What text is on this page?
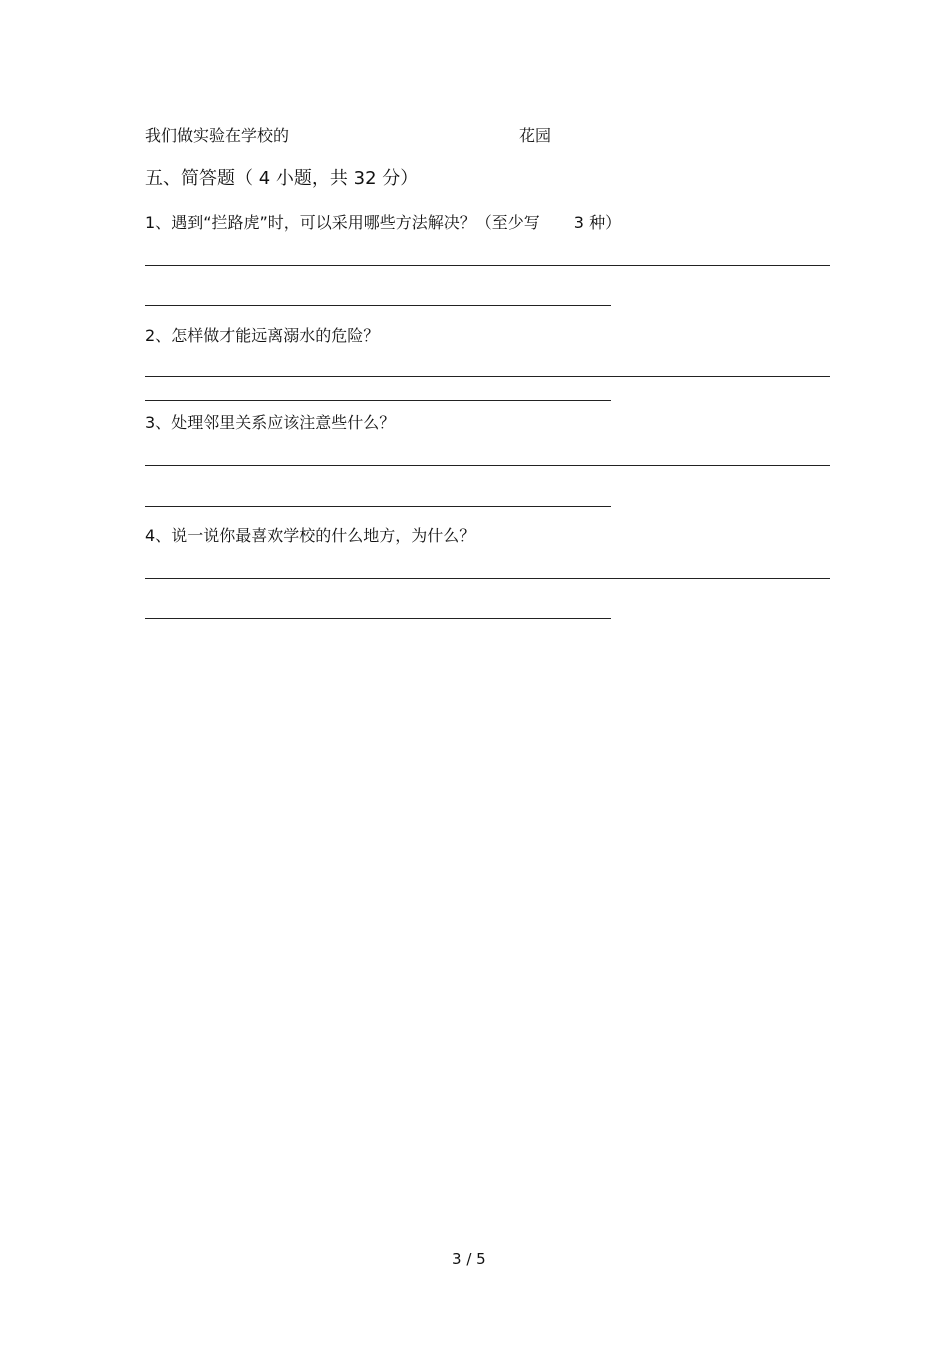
我们做实验在学校的	花园
五、简答题（ 4 小题，共 32 分）
1、遇到“拦路虎”时，可以采用哪些方法解决？（至少写 3 种）
2、怎样做才能远离溺水的危险？
3、处理邻里关系应该注意些什么？
4、说一说你最喜欢学校的什么地方，为什么？
3 / 5
